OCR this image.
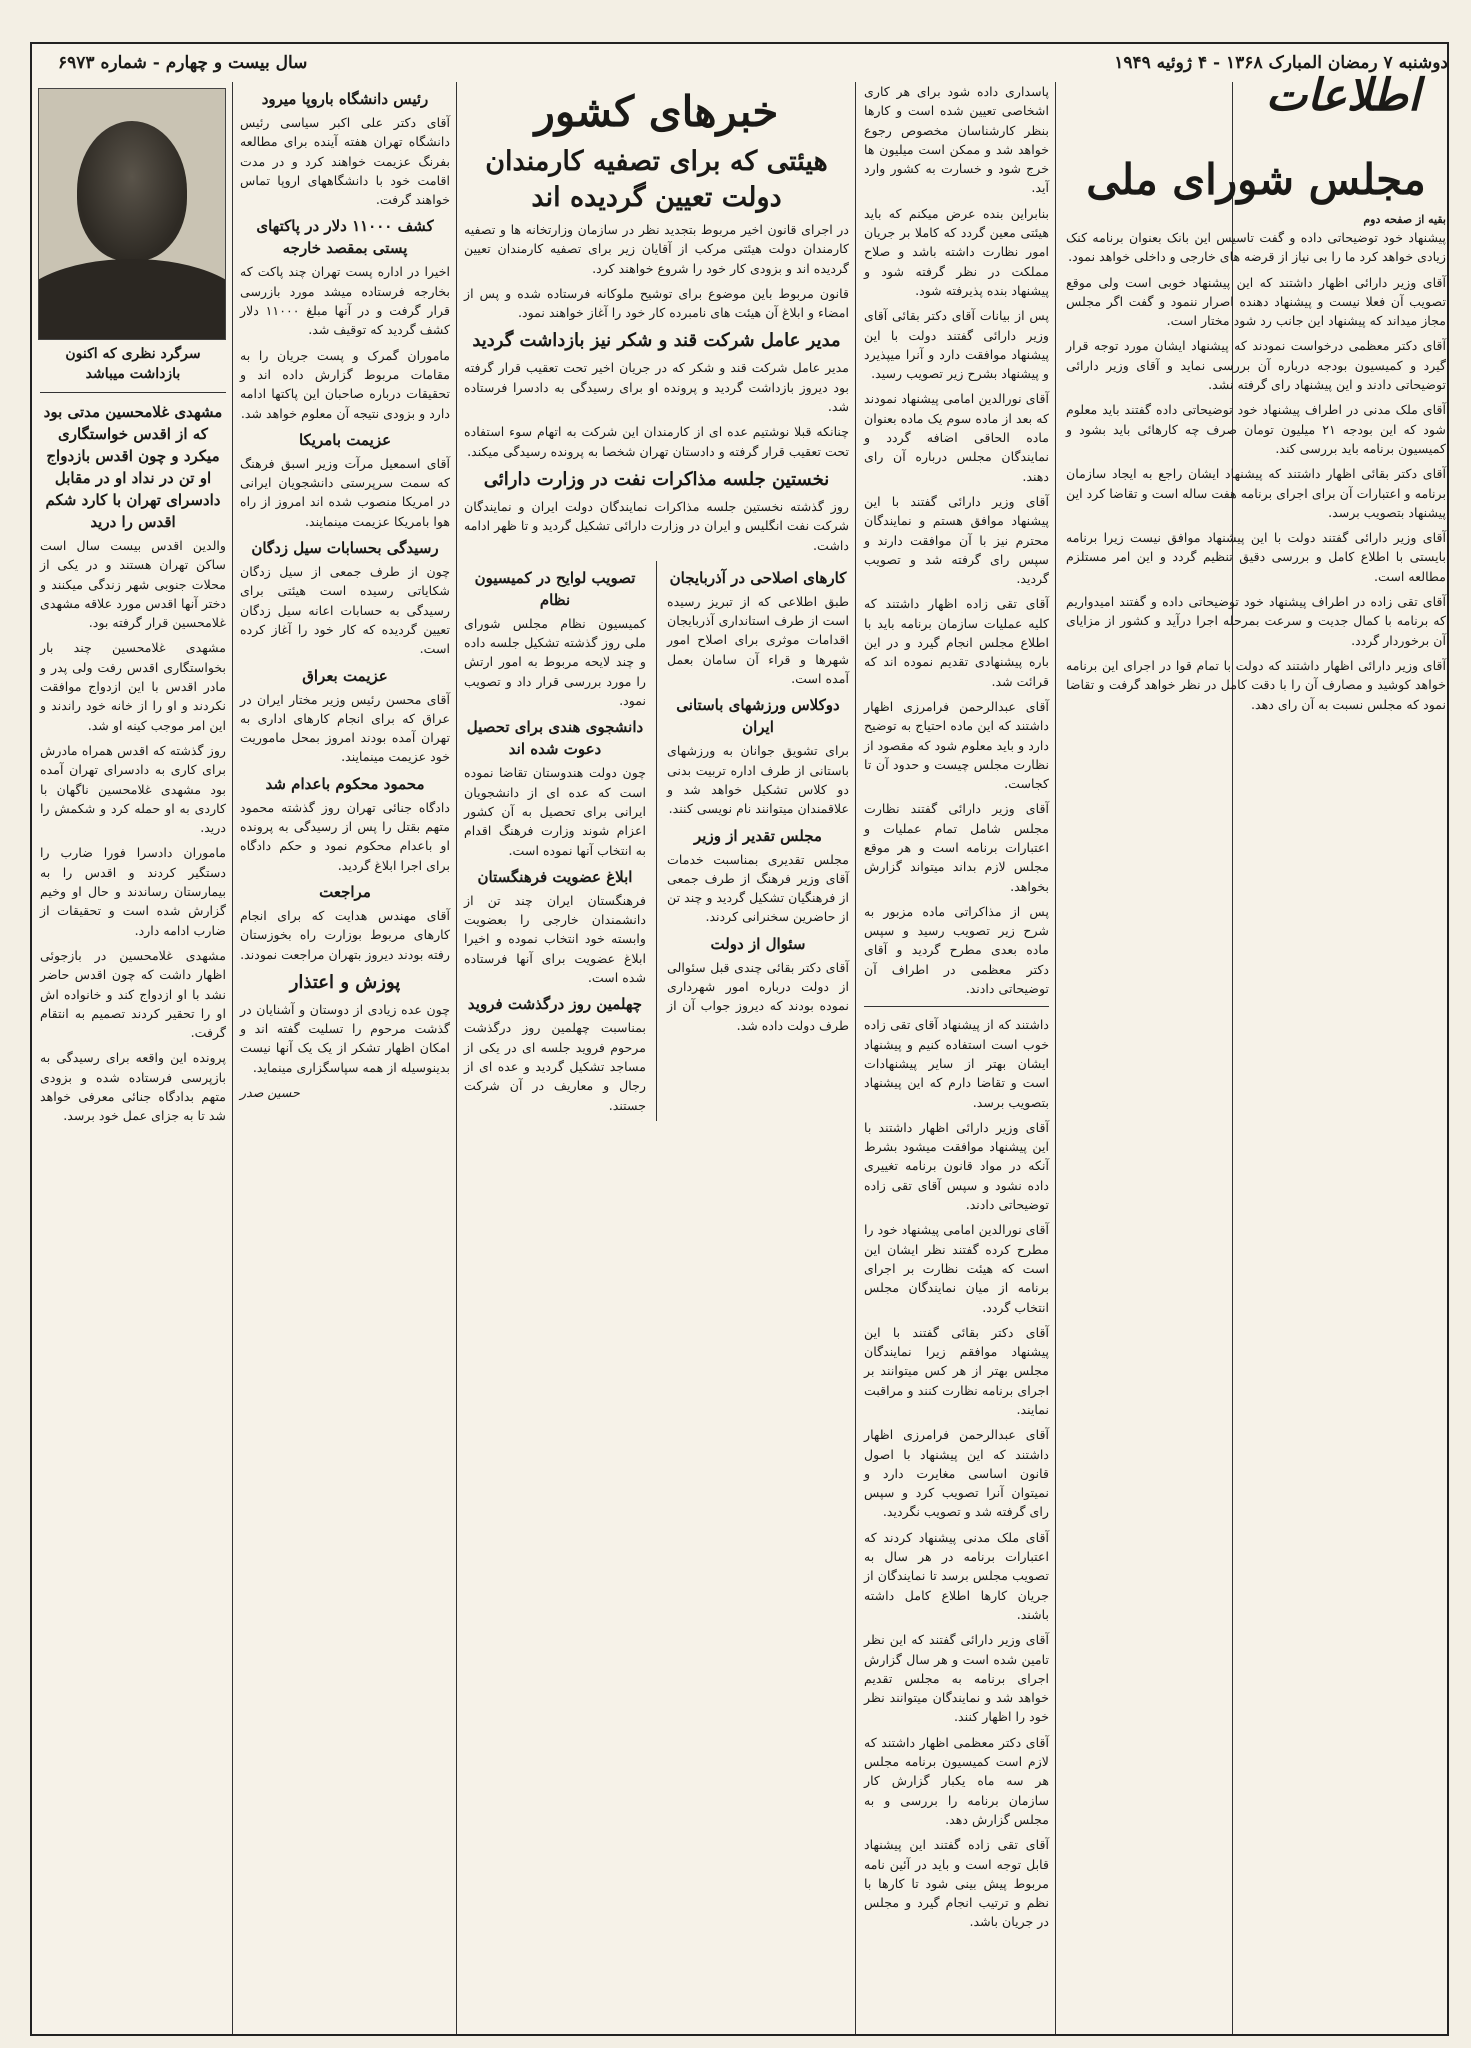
دوشنبه ۷ رمضان المبارک ۱۳۶۸ - ۴ ژوئیه ۱۹۴۹
سال بیست و چهارم - شماره ۶۹۷۳
اطلاعات
مجلس شورای ملی
بقیه از صفحه دوم

پیشنهاد خود توضیحاتی داده و گفت تاسیس این بانک بعنوان برنامه کنک زیادی خواهد کرد ما را بی نیاز از قرضه های خارجی و داخلی خواهد نمود.

آقای وزیر دارائی اظهار داشتند که این پیشنهاد خوبی است ولی موقع تصویب آن فعلا نیست و پیشنهاد دهنده اصرار ننمود و گفت اگر مجلس مجاز میداند که پیشنهاد این جانب رد شود مختار است.

آقای دکتر معظمی درخواست نمودند که پیشنهاد ایشان مورد توجه قرار گیرد و کمیسیون بودجه درباره آن بررسی نماید و آقای وزیر دارائی توضیحاتی دادند و این پیشنهاد رای گرفته نشد.

آقای ملک مدنی در اطراف پیشنهاد خود توضیحاتی داده گفتند باید معلوم شود که این بودجه ۲۱ میلیون تومان صرف چه کارهائی باید بشود و کمیسیون برنامه باید بررسی کند.

آقای دکتر بقائی اظهار داشتند که پیشنهاد ایشان راجع به ایجاد سازمان برنامه و اعتبارات آن برای اجرای برنامه هفت ساله است و تقاضا کرد این پیشنهاد بتصویب برسد.

آقای وزیر دارائی گفتند دولت با این پیشنهاد موافق نیست زیرا برنامه بایستی با اطلاع کامل و بررسی دقیق تنظیم گردد و این امر مستلزم مطالعه است.

آقای تقی زاده در اطراف پیشنهاد خود توضیحاتی داده و گفتند امیدواریم که برنامه با کمال جدیت و سرعت بمرحله اجرا درآید و کشور از مزایای آن برخوردار گردد.

آقای وزیر دارائی اظهار داشتند که دولت با تمام قوا در اجرای این برنامه خواهد کوشید و مصارف آن را با دقت کامل در نظر خواهد گرفت و تقاضا نمود که مجلس نسبت به آن رای دهد.

پاسداری داده شود برای هر کاری اشخاصی تعیین شده است و کارها بنظر کارشناسان مخصوص رجوع خواهد شد و ممکن است میلیون ها خرج شود و خسارت به کشور وارد آید.

بنابراین بنده عرض میکنم که باید هیئتی معین گردد که کاملا بر جریان امور نظارت داشته باشد و صلاح مملکت در نظر گرفته شود و پیشنهاد بنده پذیرفته شود.

پس از بیانات آقای دکتر بقائی آقای وزیر دارائی گفتند دولت با این پیشنهاد موافقت دارد و آنرا میپذیرد و پیشنهاد بشرح زیر تصویب رسید.

آقای نورالدین امامی پیشنهاد نمودند که بعد از ماده سوم یک ماده بعنوان ماده الحاقی اضافه گردد و نمایندگان مجلس درباره آن رای دهند.

آقای وزیر دارائی گفتند با این پیشنهاد موافق هستم و نمایندگان محترم نیز با آن موافقت دارند و سپس رای گرفته شد و تصویب گردید.

آقای تقی زاده اظهار داشتند که کلیه عملیات سازمان برنامه باید با اطلاع مجلس انجام گیرد و در این باره پیشنهادی تقدیم نموده اند که قرائت شد.

آقای عبدالرحمن فرامرزی اظهار داشتند که این ماده احتیاج به توضیح دارد و باید معلوم شود که مقصود از نظارت مجلس چیست و حدود آن تا کجاست.

آقای وزیر دارائی گفتند نظارت مجلس شامل تمام عملیات و اعتبارات برنامه است و هر موقع مجلس لازم بداند میتواند گزارش بخواهد.

پس از مذاکراتی ماده مزبور به شرح زیر تصویب رسید و سپس ماده بعدی مطرح گردید و آقای دکتر معظمی در اطراف آن توضیحاتی دادند.

داشتند که از پیشنهاد آقای تقی زاده خوب است استفاده کنیم و پیشنهاد ایشان بهتر از سایر پیشنهادات است و تقاضا دارم که این پیشنهاد بتصویب برسد.

آقای وزیر دارائی اظهار داشتند با این پیشنهاد موافقت میشود بشرط آنکه در مواد قانون برنامه تغییری داده نشود و سپس آقای تقی زاده توضیحاتی دادند.

آقای نورالدین امامی پیشنهاد خود را مطرح کرده گفتند نظر ایشان این است که هیئت نظارت بر اجرای برنامه از میان نمایندگان مجلس انتخاب گردد.

آقای دکتر بقائی گفتند با این پیشنهاد موافقم زیرا نمایندگان مجلس بهتر از هر کس میتوانند بر اجرای برنامه نظارت کنند و مراقبت نمایند.

آقای عبدالرحمن فرامرزی اظهار داشتند که این پیشنهاد با اصول قانون اساسی مغایرت دارد و نمیتوان آنرا تصویب کرد و سپس رای گرفته شد و تصویب نگردید.

آقای ملک مدنی پیشنهاد کردند که اعتبارات برنامه در هر سال به تصویب مجلس برسد تا نمایندگان از جریان کارها اطلاع کامل داشته باشند.

آقای وزیر دارائی گفتند که این نظر تامین شده است و هر سال گزارش اجرای برنامه به مجلس تقدیم خواهد شد و نمایندگان میتوانند نظر خود را اظهار کنند.

آقای دکتر معظمی اظهار داشتند که لازم است کمیسیون برنامه مجلس هر سه ماه یکبار گزارش کار سازمان برنامه را بررسی و به مجلس گزارش دهد.

آقای تقی زاده گفتند این پیشنهاد قابل توجه است و باید در آئین نامه مربوط پیش بینی شود تا کارها با نظم و ترتیب انجام گیرد و مجلس در جریان باشد.

خبرهای کشور
هیئتی که برای تصفیه کارمندان دولت تعیین گردیده اند

در اجرای قانون اخیر مربوط بتجدید نظر در سازمان وزارتخانه ها و تصفیه کارمندان دولت هیئتی مرکب از آقایان زیر برای تصفیه کارمندان تعیین گردیده اند و بزودی کار خود را شروع خواهند کرد.

قانون مربوط باین موضوع برای توشیح ملوکانه فرستاده شده و پس از امضاء و ابلاغ آن هیئت های نامبرده کار خود را آغاز خواهند نمود.

مدیر عامل شرکت قند و شکر نیز بازداشت گردید

مدیر عامل شرکت قند و شکر که در جریان اخیر تحت تعقیب قرار گرفته بود دیروز بازداشت گردید و پرونده او برای رسیدگی به دادسرا فرستاده شد.

چنانکه قبلا نوشتیم عده ای از کارمندان این شرکت به اتهام سوء استفاده تحت تعقیب قرار گرفته و دادستان تهران شخصا به پرونده رسیدگی میکند.

نخستین جلسه مذاکرات نفت در وزارت دارائی

روز گذشته نخستین جلسه مذاکرات نمایندگان دولت ایران و نمایندگان شرکت نفت انگلیس و ایران در وزارت دارائی تشکیل گردید و تا ظهر ادامه داشت.

کارهای اصلاحی در آذربایجان

طبق اطلاعی که از تبریز رسیده است از طرف استانداری آذربایجان اقدامات موثری برای اصلاح امور شهرها و قراء آن سامان بعمل آمده است.

دوکلاس ورزشهای باستانی ایران

برای تشویق جوانان به ورزشهای باستانی از طرف اداره تربیت بدنی دو کلاس تشکیل خواهد شد و علاقمندان میتوانند نام نویسی کنند.

مجلس تقدیر از وزیر

مجلس تقدیری بمناسبت خدمات آقای وزیر فرهنگ از طرف جمعی از فرهنگیان تشکیل گردید و چند تن از حاضرین سخنرانی کردند.

سئوال از دولت

آقای دکتر بقائی چندی قبل سئوالی از دولت درباره امور شهرداری نموده بودند که دیروز جواب آن از طرف دولت داده شد.

تصویب لوایح در کمیسیون نظام

کمیسیون نظام مجلس شورای ملی روز گذشته تشکیل جلسه داده و چند لایحه مربوط به امور ارتش را مورد بررسی قرار داد و تصویب نمود.

دانشجوی هندی برای تحصیل دعوت شده اند

چون دولت هندوستان تقاضا نموده است که عده ای از دانشجویان ایرانی برای تحصیل به آن کشور اعزام شوند وزارت فرهنگ اقدام به انتخاب آنها نموده است.

ابلاغ عضویت فرهنگستان

فرهنگستان ایران چند تن از دانشمندان خارجی را بعضویت وابسته خود انتخاب نموده و اخیرا ابلاغ عضویت برای آنها فرستاده شده است.

چهلمین روز درگذشت فروید

بمناسبت چهلمین روز درگذشت مرحوم فروید جلسه ای در یکی از مساجد تشکیل گردید و عده ای از رجال و معاریف در آن شرکت جستند.

رئیس دانشگاه باروپا میرود

آقای دکتر علی اکبر سیاسی رئیس دانشگاه تهران هفته آینده برای مطالعه بفرنگ عزیمت خواهند کرد و در مدت اقامت خود با دانشگاههای اروپا تماس خواهند گرفت.

کشف ۱۱۰۰۰ دلار در پاکتهای پستی بمقصد خارجه

اخیرا در اداره پست تهران چند پاکت که بخارجه فرستاده میشد مورد بازرسی قرار گرفت و در آنها مبلغ ۱۱۰۰۰ دلار کشف گردید که توقیف شد.

ماموران گمرک و پست جریان را به مقامات مربوط گزارش داده اند و تحقیقات درباره صاحبان این پاکتها ادامه دارد و بزودی نتیجه آن معلوم خواهد شد.

عزیمت بامریکا

آقای اسمعیل مرآت وزیر اسبق فرهنگ که سمت سرپرستی دانشجویان ایرانی در امریکا منصوب شده اند امروز از راه هوا بامریکا عزیمت مینمایند.

رسیدگی بحسابات سیل زدگان

چون از طرف جمعی از سیل زدگان شکایاتی رسیده است هیئتی برای رسیدگی به حسابات اعانه سیل زدگان تعیین گردیده که کار خود را آغاز کرده است.

عزیمت بعراق

آقای محسن رئیس وزیر مختار ایران در عراق که برای انجام کارهای اداری به تهران آمده بودند امروز بمحل ماموریت خود عزیمت مینمایند.

محمود محکوم باعدام شد

دادگاه جنائی تهران روز گذشته محمود متهم بقتل را پس از رسیدگی به پرونده او باعدام محکوم نمود و حکم دادگاه برای اجرا ابلاغ گردید.

مراجعت

آقای مهندس هدایت که برای انجام کارهای مربوط بوزارت راه بخوزستان رفته بودند دیروز بتهران مراجعت نمودند.

پوزش و اعتذار

چون عده زیادی از دوستان و آشنایان در گذشت مرحوم را تسلیت گفته اند و امکان اظهار تشکر از یک یک آنها نیست بدینوسیله از همه سپاسگزاری مینماید.

حسین صدر
سرگرد نظری که اکنون بازداشت میباشد
مشهدی غلامحسین مدتی بود که از اقدس خواستگاری میکرد و چون اقدس بازدواج او تن در نداد او در مقابل دادسرای تهران با کارد شکم اقدس را درید

والدین اقدس بیست سال است ساکن تهران هستند و در یکی از محلات جنوبی شهر زندگی میکنند و دختر آنها اقدس مورد علاقه مشهدی غلامحسین قرار گرفته بود.

مشهدی غلامحسین چند بار بخواستگاری اقدس رفت ولی پدر و مادر اقدس با این ازدواج موافقت نکردند و او را از خانه خود راندند و این امر موجب کینه او شد.

روز گذشته که اقدس همراه مادرش برای کاری به دادسرای تهران آمده بود مشهدی غلامحسین ناگهان با کاردی به او حمله کرد و شکمش را درید.

ماموران دادسرا فورا ضارب را دستگیر کردند و اقدس را به بیمارستان رساندند و حال او وخیم گزارش شده است و تحقیقات از ضارب ادامه دارد.

مشهدی غلامحسین در بازجوئی اظهار داشت که چون اقدس حاضر نشد با او ازدواج کند و خانواده اش او را تحقیر کردند تصمیم به انتقام گرفت.

پرونده این واقعه برای رسیدگی به بازپرسی فرستاده شده و بزودی متهم بدادگاه جنائی معرفی خواهد شد تا به جزای عمل خود برسد.
